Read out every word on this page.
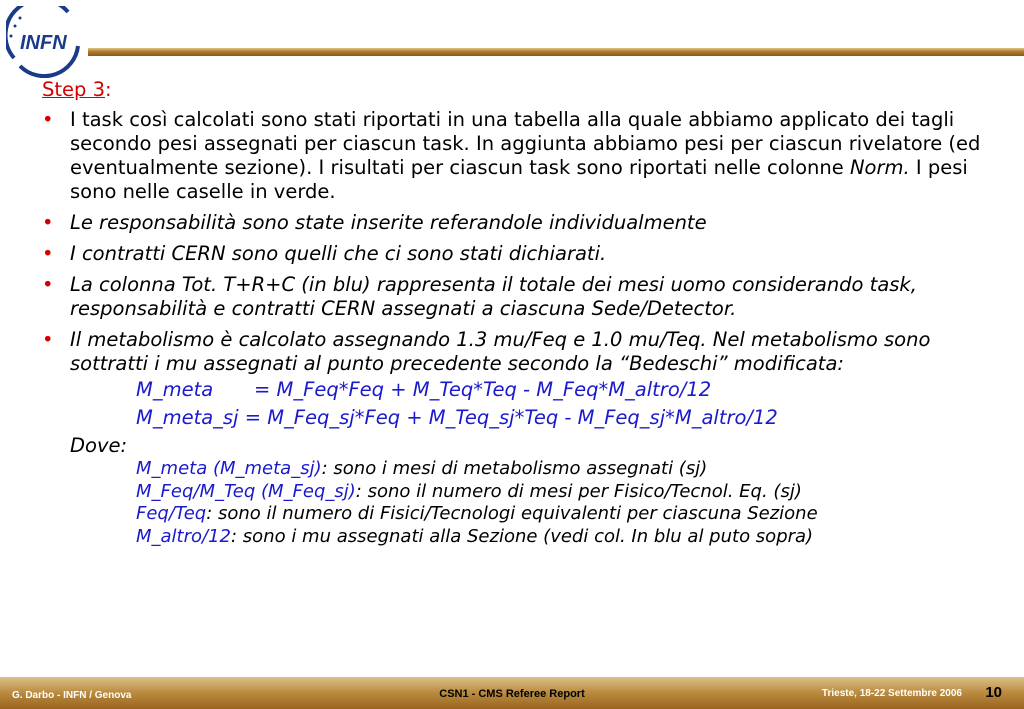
INFN
Step 3:
• I task così calcolati sono stati riportati in una tabella alla quale abbiamo applicato dei tagli secondo pesi assegnati per ciascun task. In aggiunta abbiamo pesi per ciascun rivelatore (ed eventualmente sezione). I risultati per ciascun task sono riportati nelle colonne Norm. I pesi sono nelle caselle in verde.
• Le responsabilità sono state inserite referandole individualmente
• I contratti CERN sono quelli che ci sono stati dichiarati.
• La colonna Tot. T+R+C (in blu) rappresenta il totale dei mesi uomo considerando task, responsabilità e contratti CERN assegnati a ciascuna Sede/Detector.
• Il metabolismo è calcolato assegnando 1.3 mu/Feq e 1.0 mu/Teq. Nel metabolismo sono sottratti i mu assegnati al punto precedente secondo la “Bedeschi” modificata:
M_meta = M_Feq*Feq + M_Teq*Teq - M_Feq*M_altro/12
M_meta_sj = M_Feq_sj*Feq + M_Teq_sj*Teq - M_Feq_sj*M_altro/12
Dove:
M_meta (M_meta_sj): sono i mesi di metabolismo assegnati (sj)
M_Feq/M_Teq (M_Feq_sj): sono il numero di mesi per Fisico/Tecnol. Eq. (sj)
Feq/Teq: sono il numero di Fisici/Tecnologi equivalenti per ciascuna Sezione
M_altro/12: sono i mu assegnati alla Sezione (vedi col. In blu al puto sopra)
G. Darbo - INFN / Genova	CSN1 - CMS Referee Report	Trieste, 18-22 Settembre 2006 10
